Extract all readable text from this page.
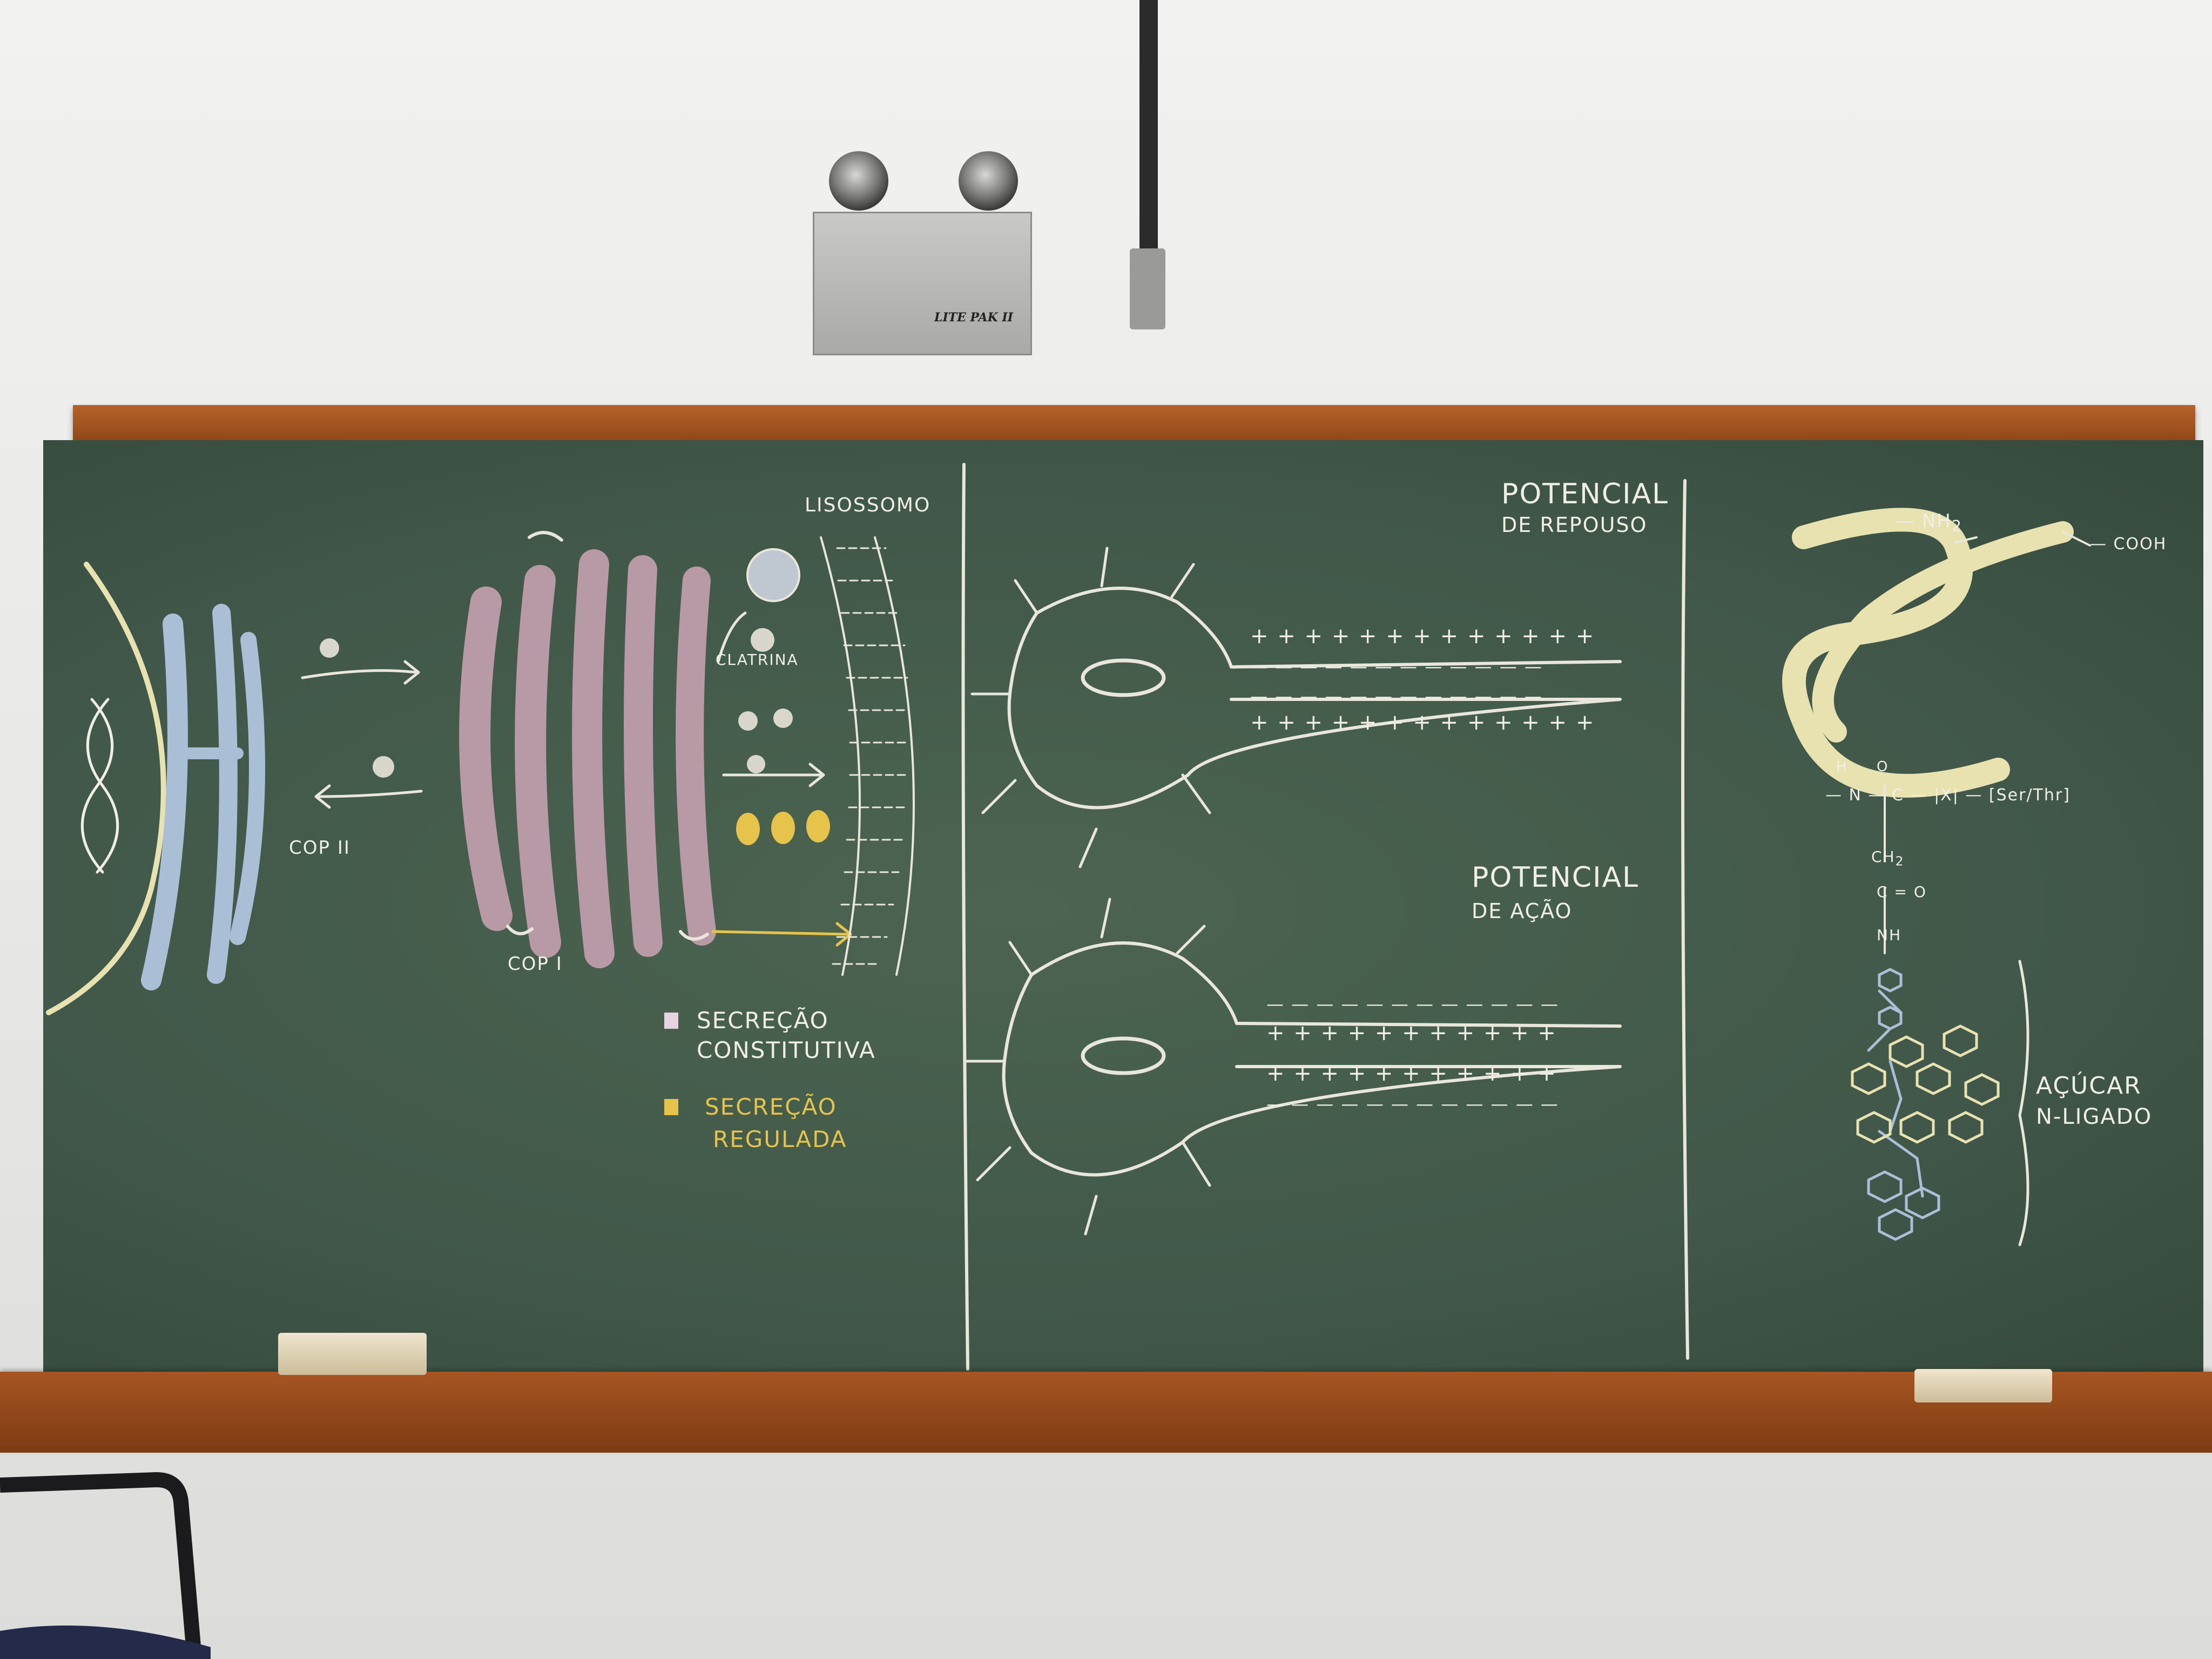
LITE PAK II
COP II
COP I
LISOSSOMO
CLATRINA
SECREÇÃO
CONSTITUTIVA
SECREÇÃO
REGULADA
POTENCIAL
DE REPOUSO
+ + + + + + + + + + + + +
— — — — — — — — — — — —
— — — — — — — — — — — —
+ + + + + + + + + + + + +
POTENCIAL
DE AÇÃO
— — — — — — — — — — — —
+ + + + + + + + + + +
+ + + + + + + + + + +
— — — — — — — — — — — —
— $NH_2$
— COOH
H O
— N — C — |X| — [Ser/Thr]
$CH_2$
C = O
NH
AÇÚCAR
N-LIGADO
